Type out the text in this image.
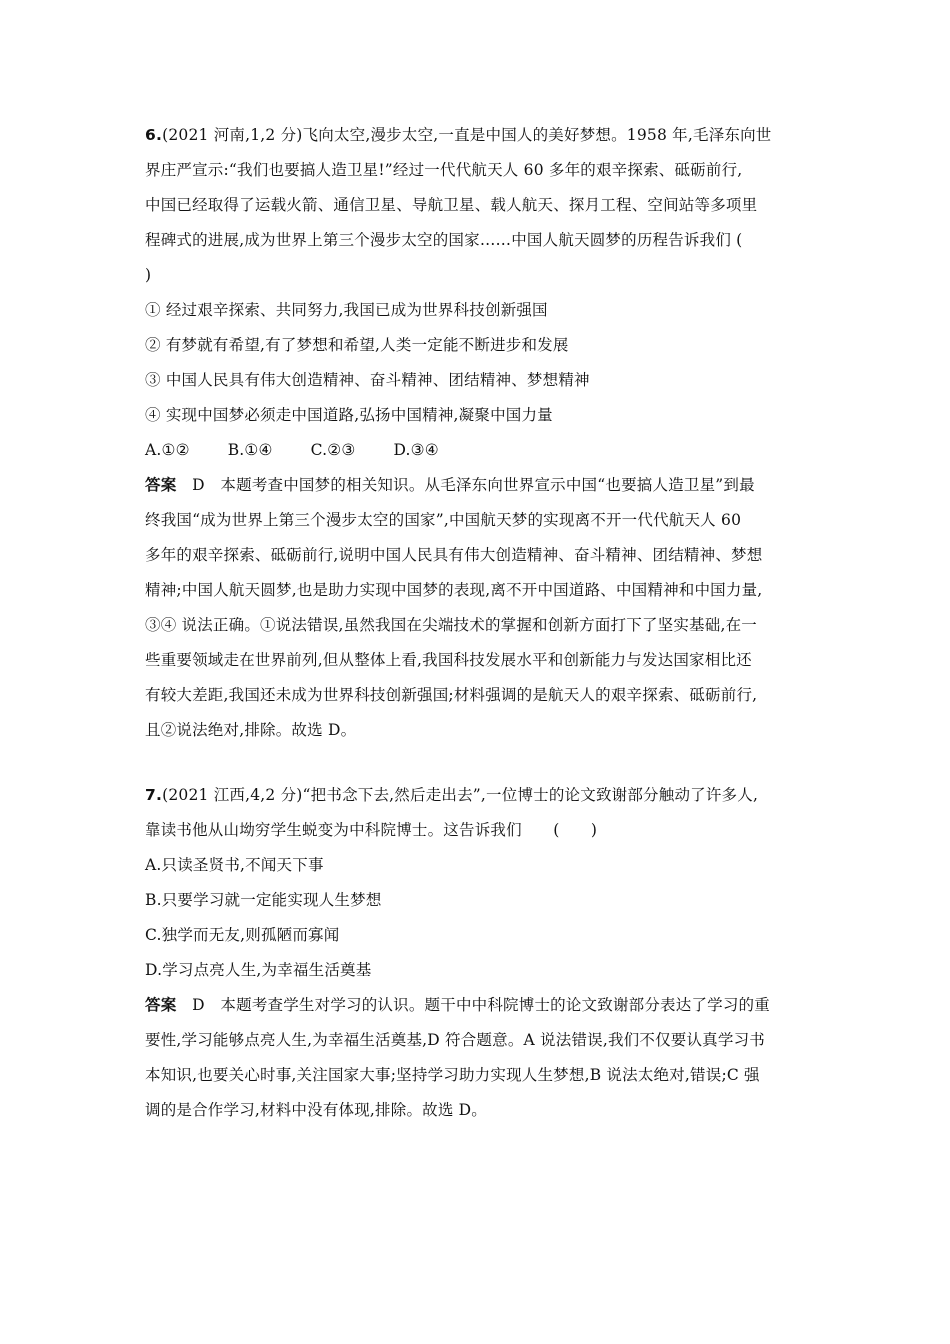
6.(2021 河南,1,2 分)飞向太空,漫步太空,一直是中国人的美好梦想。1958 年,毛泽东向世
界庄严宣示:“我们也要搞人造卫星!”经过一代代航天人 60 多年的艰辛探索、砥砺前行,
中国已经取得了运载火箭、通信卫星、导航卫星、载人航天、探月工程、空间站等多项里
程碑式的进展,成为世界上第三个漫步太空的国家……中国人航天圆梦的历程告诉我们 (
)
① 经过艰辛探索、共同努力,我国已成为世界科技创新强国
② 有梦就有希望,有了梦想和希望,人类一定能不断进步和发展
③ 中国人民具有伟大创造精神、奋斗精神、团结精神、梦想精神
④ 实现中国梦必须走中国道路,弘扬中国精神,凝聚中国力量
A.①② B.①④ C.②③ D.③④
答案　 D　本题考查中国梦的相关知识。从毛泽东向世界宣示中国“也要搞人造卫星”到最
终我国“成为世界上第三个漫步太空的国家”,中国航天梦的实现离不开一代代航天人 60
多年的艰辛探索、砥砺前行,说明中国人民具有伟大创造精神、奋斗精神、团结精神、梦想
精神;中国人航天圆梦,也是助力实现中国梦的表现,离不开中国道路、中国精神和中国力量,
③④ 说法正确。①说法错误,虽然我国在尖端技术的掌握和创新方面打下了坚实基础,在一
些重要领域走在世界前列,但从整体上看,我国科技发展水平和创新能力与发达国家相比还
有较大差距,我国还未成为世界科技创新强国;材料强调的是航天人的艰辛探索、砥砺前行,
且②说法绝对,排除。故选 D。
7.(2021 江西,4,2 分)“把书念下去,然后走出去”,一位博士的论文致谢部分触动了许多人,
靠读书他从山坳穷学生蜕变为中科院博士。这告诉我们　　(　　)
A.只读圣贤书,不闻天下事
B.只要学习就一定能实现人生梦想
C.独学而无友,则孤陋而寡闻
D.学习点亮人生,为幸福生活奠基
答案　 D　本题考查学生对学习的认识。题干中中科院博士的论文致谢部分表达了学习的重
要性,学习能够点亮人生,为幸福生活奠基,D 符合题意。A 说法错误,我们不仅要认真学习书
本知识,也要关心时事,关注国家大事;坚持学习助力实现人生梦想,B 说法太绝对,错误;C 强
调的是合作学习,材料中没有体现,排除。故选 D。
